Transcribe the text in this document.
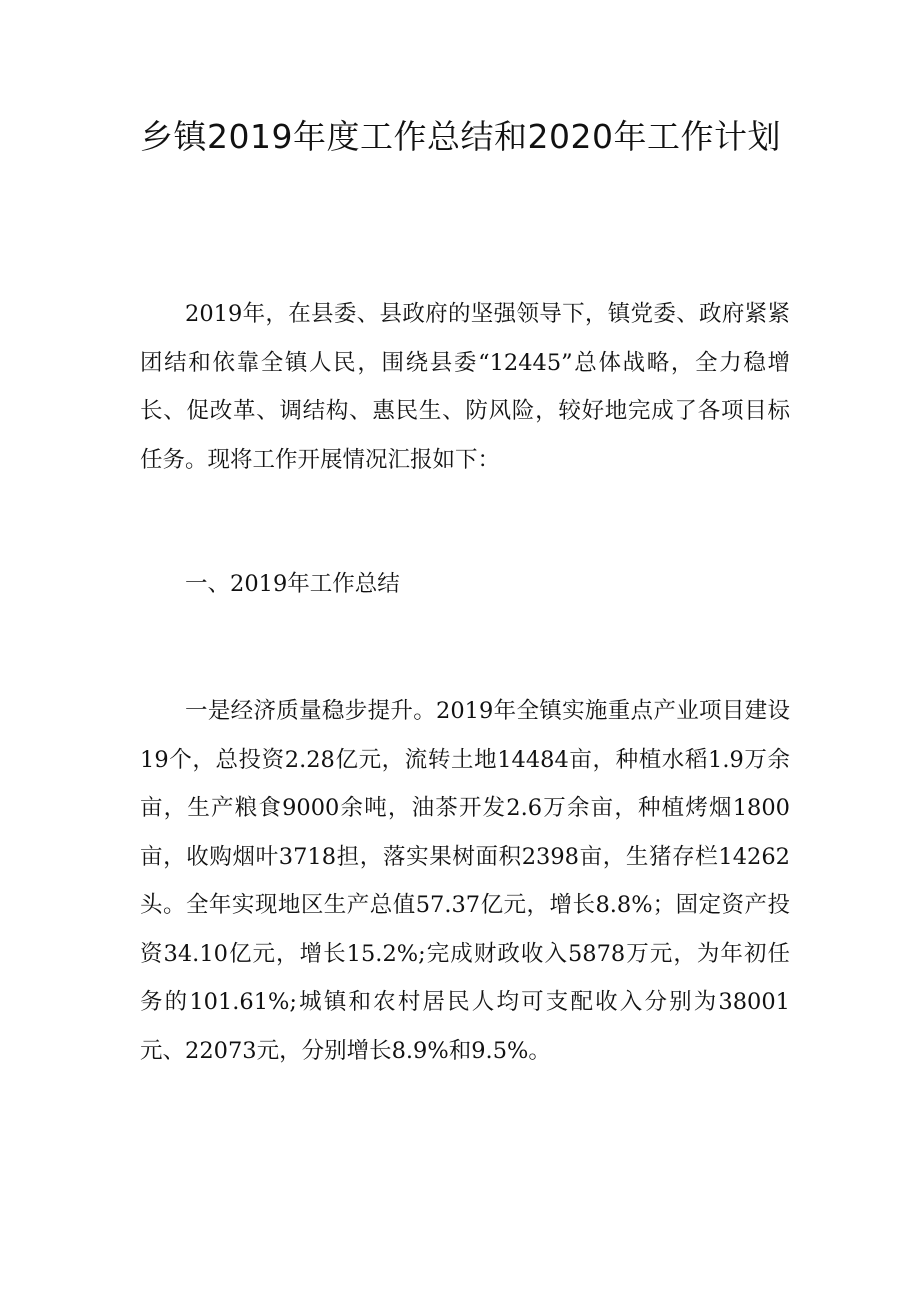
乡镇2019年度工作总结和2020年工作计划

2019年，在县委、县政府的坚强领导下，镇党委、政府紧紧团结和依靠全镇人民，围绕县委“12445”总体战略，全力稳增长、促改革、调结构、惠民生、防风险，较好地完成了各项目标任务。现将工作开展情况汇报如下：

一、2019年工作总结

一是经济质量稳步提升。2019年全镇实施重点产业项目建设19个，总投资2.28亿元，流转土地14484亩，种植水稻1.9万余亩，生产粮食9000余吨，油茶开发2.6万余亩，种植烤烟1800亩，收购烟叶3718担，落实果树面积2398亩，生猪存栏14262头。全年实现地区生产总值57.37亿元，增长8.8%；固定资产投资34.10亿元，增长15.2%;完成财政收入5878万元，为年初任务的101.61%;城镇和农村居民人均可支配收入分别为38001元、22073元，分别增长8.9%和9.5%。
